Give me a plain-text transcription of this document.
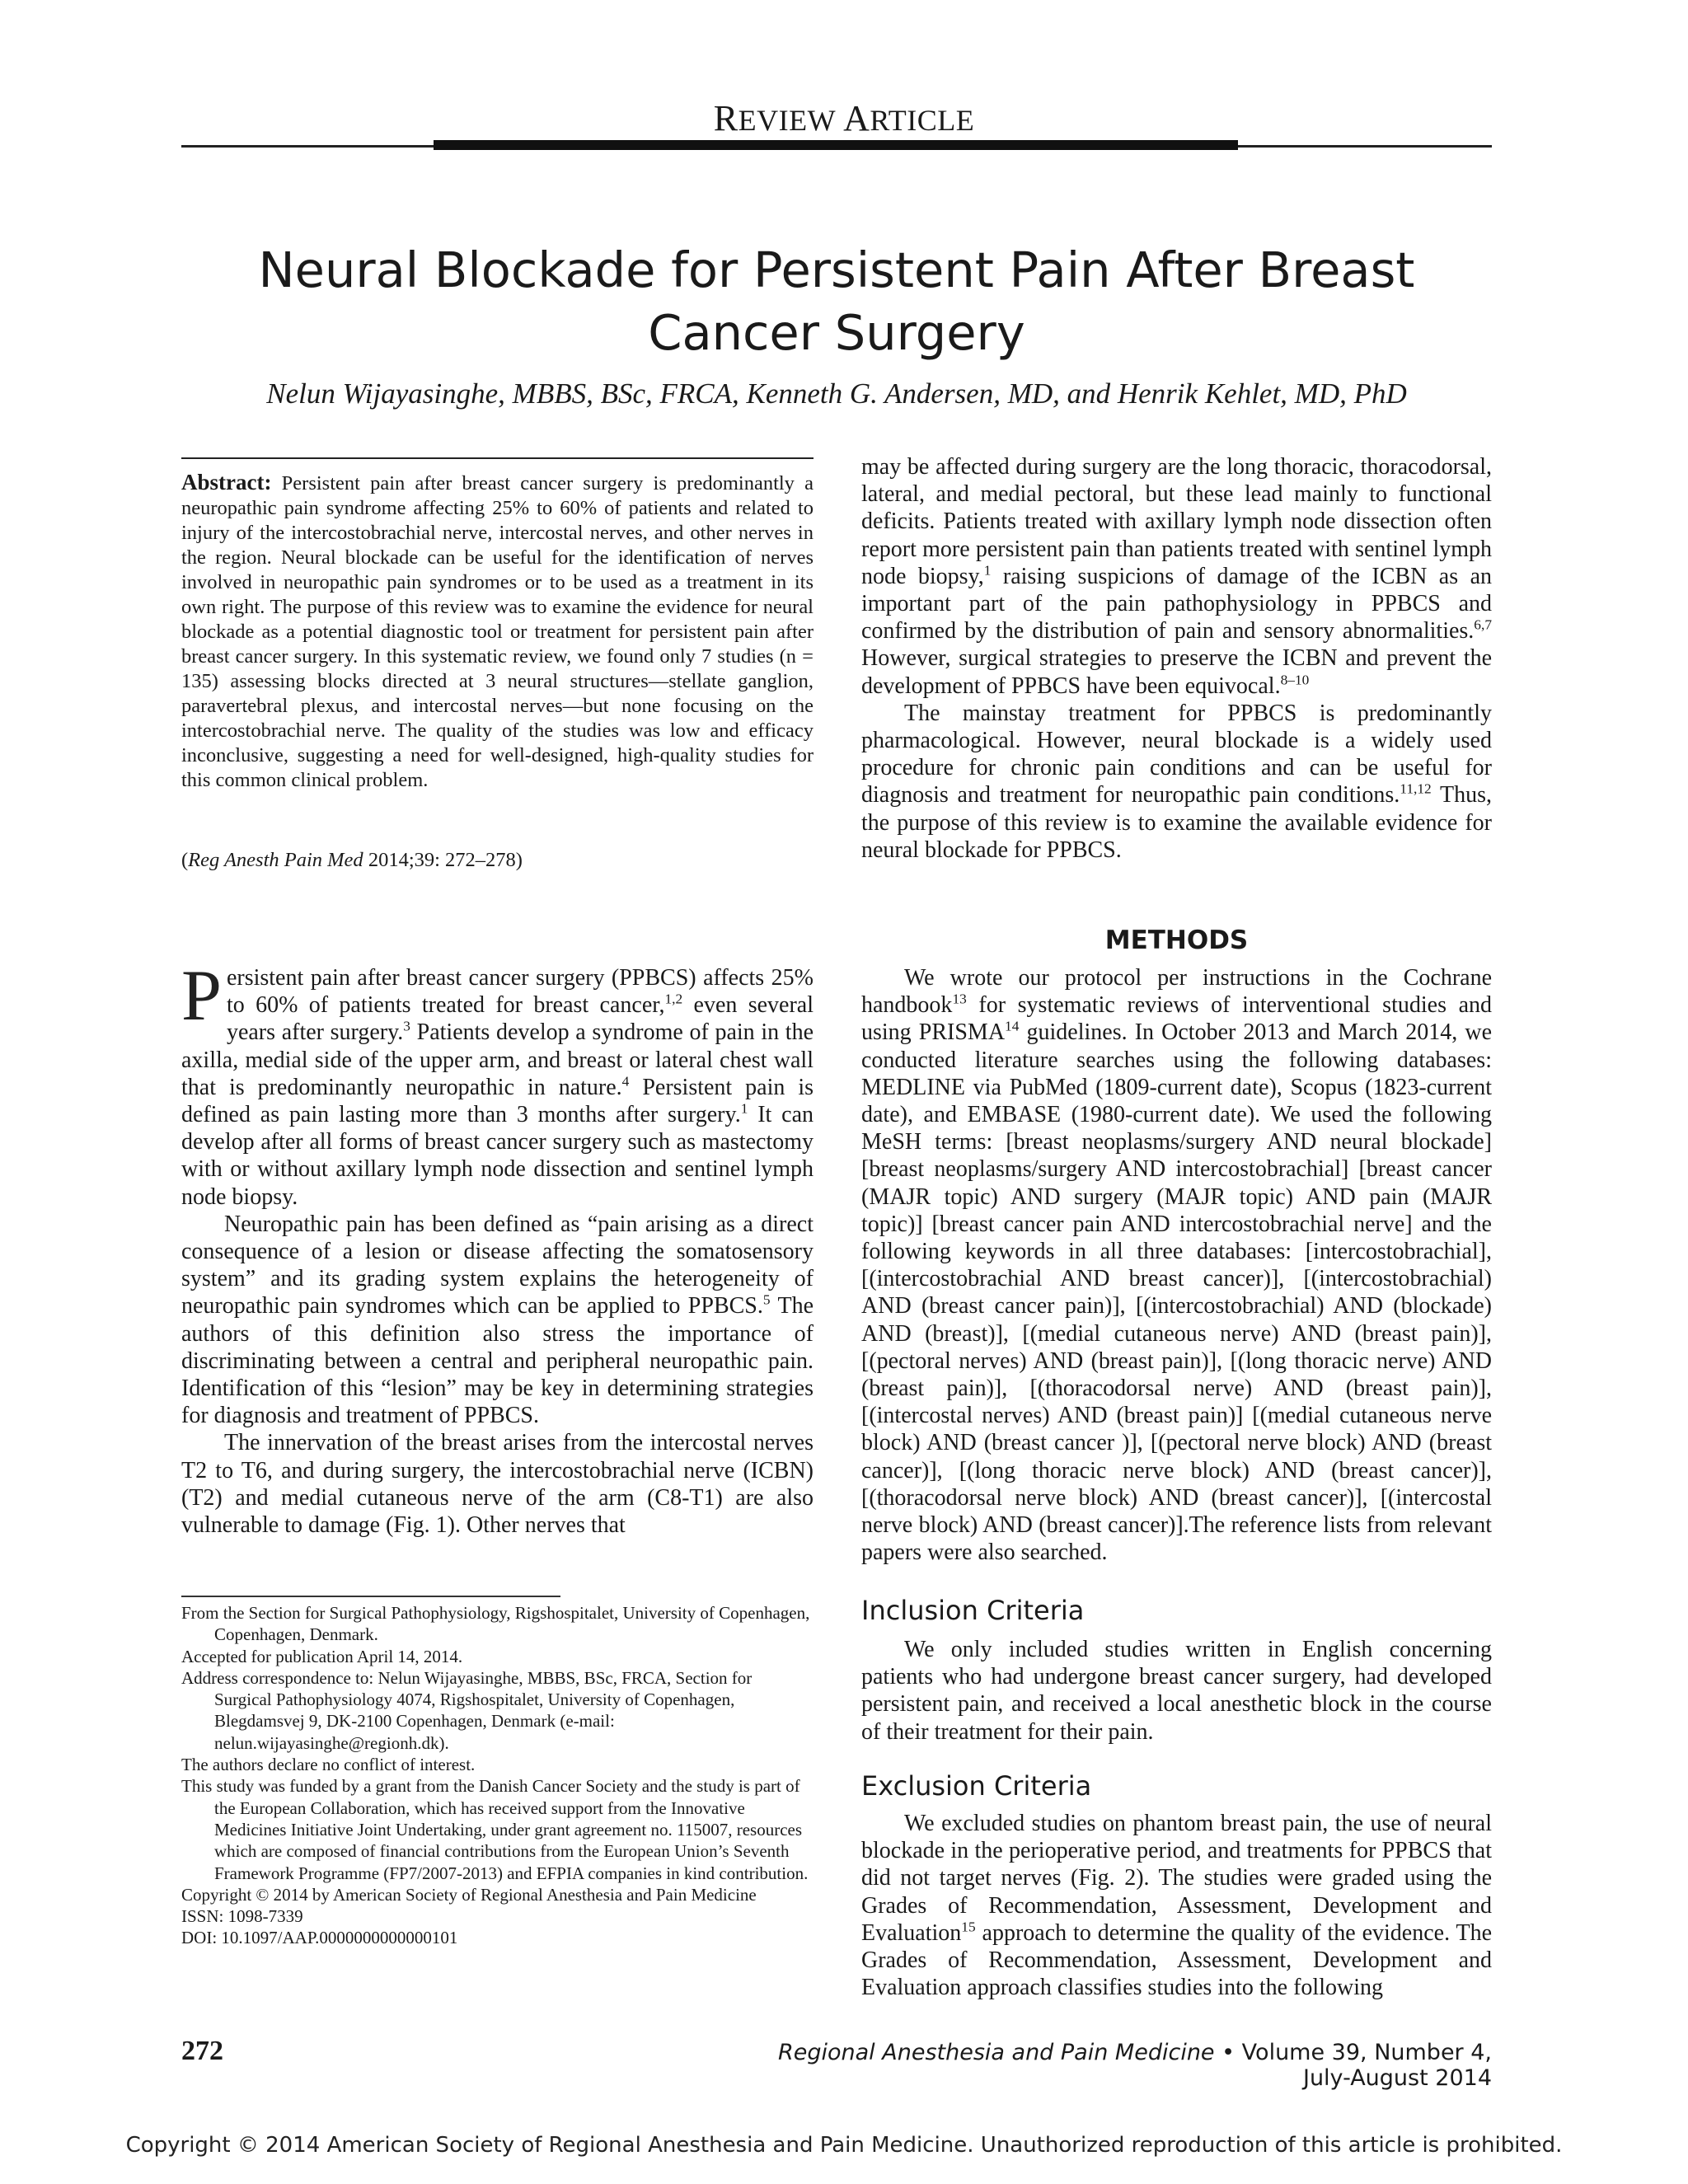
REVIEW ARTICLE
Neural Blockade for Persistent Pain After Breast
Cancer Surgery
Nelun Wijayasinghe, MBBS, BSc, FRCA, Kenneth G. Andersen, MD, and Henrik Kehlet, MD, PhD
Abstract: Persistent pain after breast cancer surgery is predominantly a neuropathic pain syndrome affecting 25% to 60% of patients and related to injury of the intercostobrachial nerve, intercostal nerves, and other nerves in the region. Neural blockade can be useful for the identification of nerves involved in neuropathic pain syndromes or to be used as a treatment in its own right. The purpose of this review was to examine the evidence for neural blockade as a potential diagnostic tool or treatment for persistent pain after breast cancer surgery. In this systematic review, we found only 7 studies (n = 135) assessing blocks directed at 3 neural structures—stellate ganglion, paravertebral plexus, and intercostal nerves—but none focusing on the intercostobrachial nerve. The quality of the studies was low and efficacy inconclusive, suggesting a need for well-designed, high-quality studies for this common clinical problem.
(Reg Anesth Pain Med 2014;39: 272–278)

Persistent pain after breast cancer surgery (PPBCS) affects 25% to 60% of patients treated for breast cancer,$^{1,2}$ even several years after surgery.$^3$ Patients develop a syndrome of pain in the axilla, medial side of the upper arm, and breast or lateral chest wall that is predominantly neuropathic in nature.$^4$ Persistent pain is defined as pain lasting more than 3 months after surgery.$^1$ It can develop after all forms of breast cancer surgery such as mastectomy with or without axillary lymph node dissection and sentinel lymph node biopsy.

Neuropathic pain has been defined as “pain arising as a direct consequence of a lesion or disease affecting the somatosensory system” and its grading system explains the heterogeneity of neuropathic pain syndromes which can be applied to PPBCS.$^5$ The authors of this definition also stress the importance of discriminating between a central and peripheral neuropathic pain. Identification of this “lesion” may be key in determining strategies for diagnosis and treatment of PPBCS.

The innervation of the breast arises from the intercostal nerves T2 to T6, and during surgery, the intercostobrachial nerve (ICBN) (T2) and medial cutaneous nerve of the arm (C8-T1) are also vulnerable to damage (Fig. 1). Other nerves that

From the Section for Surgical Pathophysiology, Rigshospitalet, University of Copenhagen, Copenhagen, Denmark.

Accepted for publication April 14, 2014.

Address correspondence to: Nelun Wijayasinghe, MBBS, BSc, FRCA, Section for Surgical Pathophysiology 4074, Rigshospitalet, University of Copenhagen, Blegdamsvej 9, DK-2100 Copenhagen, Denmark (e-mail: nelun.wijayasinghe@regionh.dk).

The authors declare no conflict of interest.

This study was funded by a grant from the Danish Cancer Society and the study is part of the European Collaboration, which has received support from the Innovative Medicines Initiative Joint Undertaking, under grant agreement no. 115007, resources which are composed of financial contributions from the European Union’s Seventh Framework Programme (FP7/2007-2013) and EFPIA companies in kind contribution.

Copyright © 2014 by American Society of Regional Anesthesia and Pain Medicine

ISSN: 1098-7339

DOI: 10.1097/AAP.0000000000000101

may be affected during surgery are the long thoracic, thoracodorsal, lateral, and medial pectoral, but these lead mainly to functional deficits. Patients treated with axillary lymph node dissection often report more persistent pain than patients treated with sentinel lymph node biopsy,$^1$ raising suspicions of damage of the ICBN as an important part of the pain pathophysiology in PPBCS and confirmed by the distribution of pain and sensory abnormalities.$^{6,7}$ However, surgical strategies to preserve the ICBN and prevent the development of PPBCS have been equivocal.$^{8-10}$

The mainstay treatment for PPBCS is predominantly pharmacological. However, neural blockade is a widely used procedure for chronic pain conditions and can be useful for diagnosis and treatment for neuropathic pain conditions.$^{11,12}$ Thus, the purpose of this review is to examine the available evidence for neural blockade for PPBCS.

METHODS

We wrote our protocol per instructions in the Cochrane handbook$^{13}$ for systematic reviews of interventional studies and using PRISMA$^{14}$ guidelines. In October 2013 and March 2014, we conducted literature searches using the following databases: MEDLINE via PubMed (1809-current date), Scopus (1823-current date), and EMBASE (1980-current date). We used the following MeSH terms: [breast neoplasms/surgery AND neural blockade] [breast neoplasms/surgery AND intercostobrachial] [breast cancer (MAJR topic) AND surgery (MAJR topic) AND pain (MAJR topic)] [breast cancer pain AND intercostobrachial nerve] and the following keywords in all three databases: [intercostobrachial], [(intercostobrachial AND breast cancer)], [(intercostobrachial) AND (breast cancer pain)], [(intercostobrachial) AND (blockade) AND (breast)], [(medial cutaneous nerve) AND (breast pain)], [(pectoral nerves) AND (breast pain)], [(long thoracic nerve) AND (breast pain)], [(thoracodorsal nerve) AND (breast pain)], [(intercostal nerves) AND (breast pain)] [(medial cutaneous nerve block) AND (breast cancer )], [(pectoral nerve block) AND (breast cancer)], [(long thoracic nerve block) AND (breast cancer)], [(thoracodorsal nerve block) AND (breast cancer)], [(intercostal nerve block) AND (breast cancer)].The reference lists from relevant papers were also searched.

Inclusion Criteria

We only included studies written in English concerning patients who had undergone breast cancer surgery, had developed persistent pain, and received a local anesthetic block in the course of their treatment for their pain.

Exclusion Criteria

We excluded studies on phantom breast pain, the use of neural blockade in the perioperative period, and treatments for PPBCS that did not target nerves (Fig. 2). The studies were graded using the Grades of Recommendation, Assessment, Development and Evaluation$^{15}$ approach to determine the quality of the evidence. The Grades of Recommendation, Assessment, Development and Evaluation approach classifies studies into the following

272	Regional Anesthesia and Pain Medicine • Volume 39, Number 4, July-August 2014
Copyright © 2014 American Society of Regional Anesthesia and Pain Medicine. Unauthorized reproduction of this article is prohibited.
